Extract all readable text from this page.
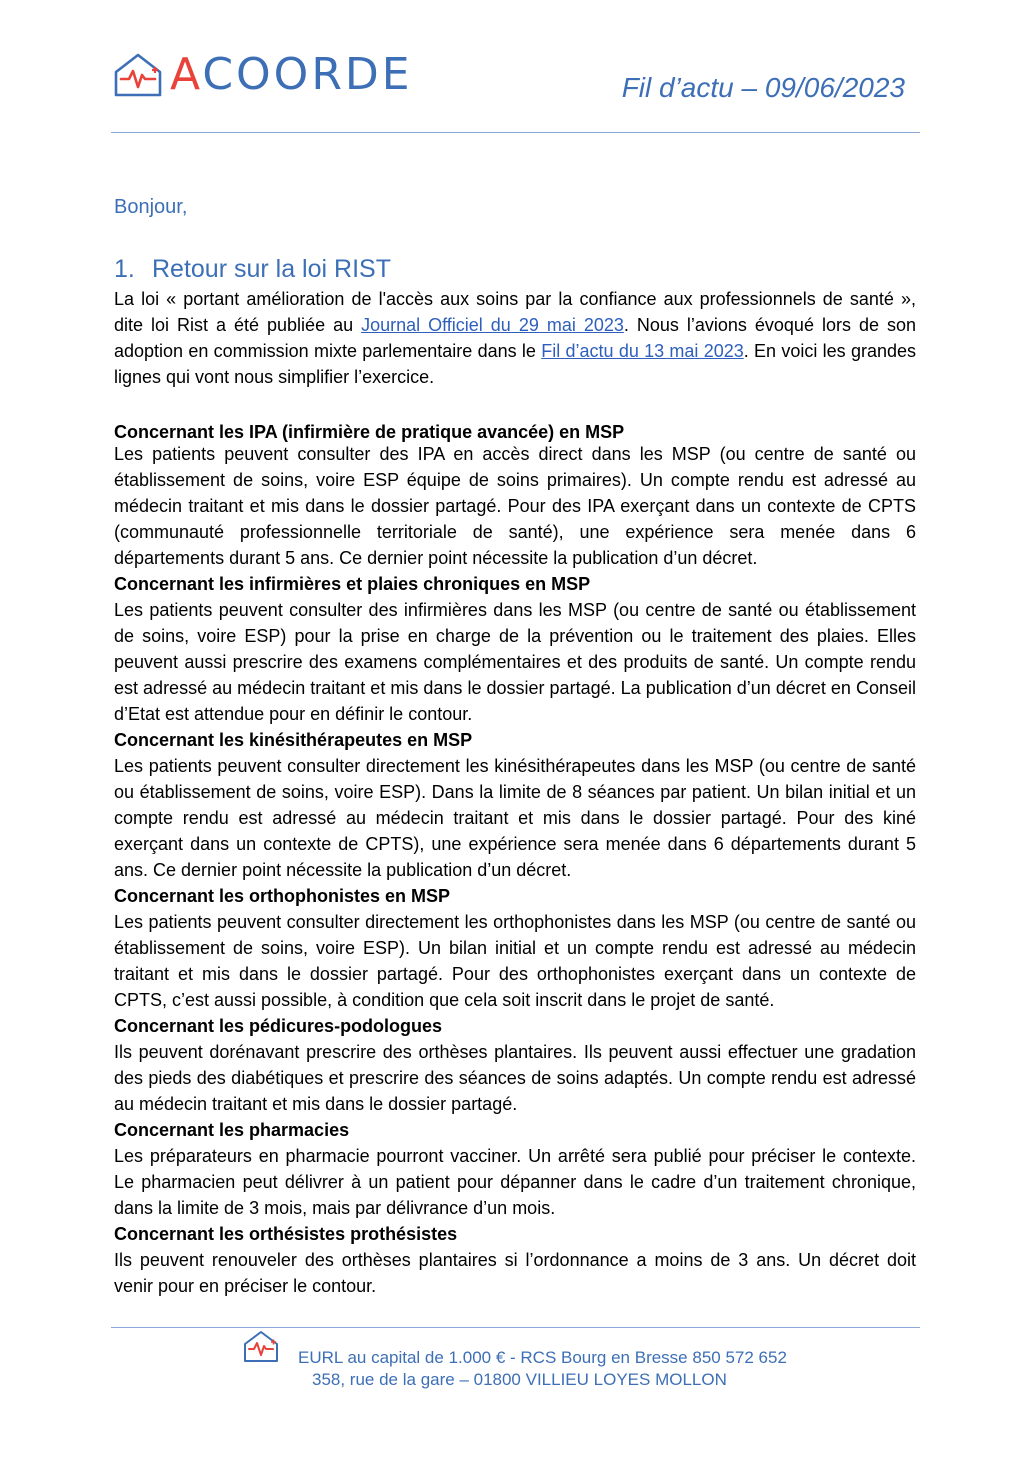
ACOORDE	Fil d’actu – 09/06/2023
Bonjour,
1. Retour sur la loi RIST

La loi « portant amélioration de l'accès aux soins par la confiance aux professionnels de santé », dite loi Rist a été publiée au Journal Officiel du 29 mai 2023. Nous l’avions évoqué lors de son adoption en commission mixte parlementaire dans le Fil d’actu du 13 mai 2023. En voici les grandes lignes qui vont nous simplifier l’exercice.

Concernant les IPA (infirmière de pratique avancée) en MSP

Les patients peuvent consulter des IPA en accès direct dans les MSP (ou centre de santé ou établissement de soins, voire ESP équipe de soins primaires). Un compte rendu est adressé au médecin traitant et mis dans le dossier partagé. Pour des IPA exerçant dans un contexte de CPTS (communauté professionnelle territoriale de santé), une expérience sera menée dans 6 départements durant 5 ans. Ce dernier point nécessite la publication d’un décret.

Concernant les infirmières et plaies chroniques en MSP

Les patients peuvent consulter des infirmières dans les MSP (ou centre de santé ou établissement de soins, voire ESP) pour la prise en charge de la prévention ou le traitement des plaies. Elles peuvent aussi prescrire des examens complémentaires et des produits de santé. Un compte rendu est adressé au médecin traitant et mis dans le dossier partagé. La publication d’un décret en Conseil d’Etat est attendue pour en définir le contour.

Concernant les kinésithérapeutes en MSP

Les patients peuvent consulter directement les kinésithérapeutes dans les MSP (ou centre de santé ou établissement de soins, voire ESP). Dans la limite de 8 séances par patient. Un bilan initial et un compte rendu est adressé au médecin traitant et mis dans le dossier partagé. Pour des kiné exerçant dans un contexte de CPTS), une expérience sera menée dans 6 départements durant 5 ans. Ce dernier point nécessite la publication d’un décret.

Concernant les orthophonistes en MSP

Les patients peuvent consulter directement les orthophonistes dans les MSP (ou centre de santé ou établissement de soins, voire ESP). Un bilan initial et un compte rendu est adressé au médecin traitant et mis dans le dossier partagé. Pour des orthophonistes exerçant dans un contexte de CPTS, c’est aussi possible, à condition que cela soit inscrit dans le projet de santé.

Concernant les pédicures-podologues

Ils peuvent dorénavant prescrire des orthèses plantaires. Ils peuvent aussi effectuer une gradation des pieds des diabétiques et prescrire des séances de soins adaptés. Un compte rendu est adressé au médecin traitant et mis dans le dossier partagé.

Concernant les pharmacies

Les préparateurs en pharmacie pourront vacciner. Un arrêté sera publié pour préciser le contexte. Le pharmacien peut délivrer à un patient pour dépanner dans le cadre d’un traitement chronique, dans la limite de 3 mois, mais par délivrance d’un mois.

Concernant les orthésistes prothésistes

Ils peuvent renouveler des orthèses plantaires si l’ordonnance a moins de 3 ans. Un décret doit venir pour en préciser le contour.

EURL au capital de 1.000 € - RCS Bourg en Bresse 850 572 652
358, rue de la gare – 01800 VILLIEU LOYES MOLLON
